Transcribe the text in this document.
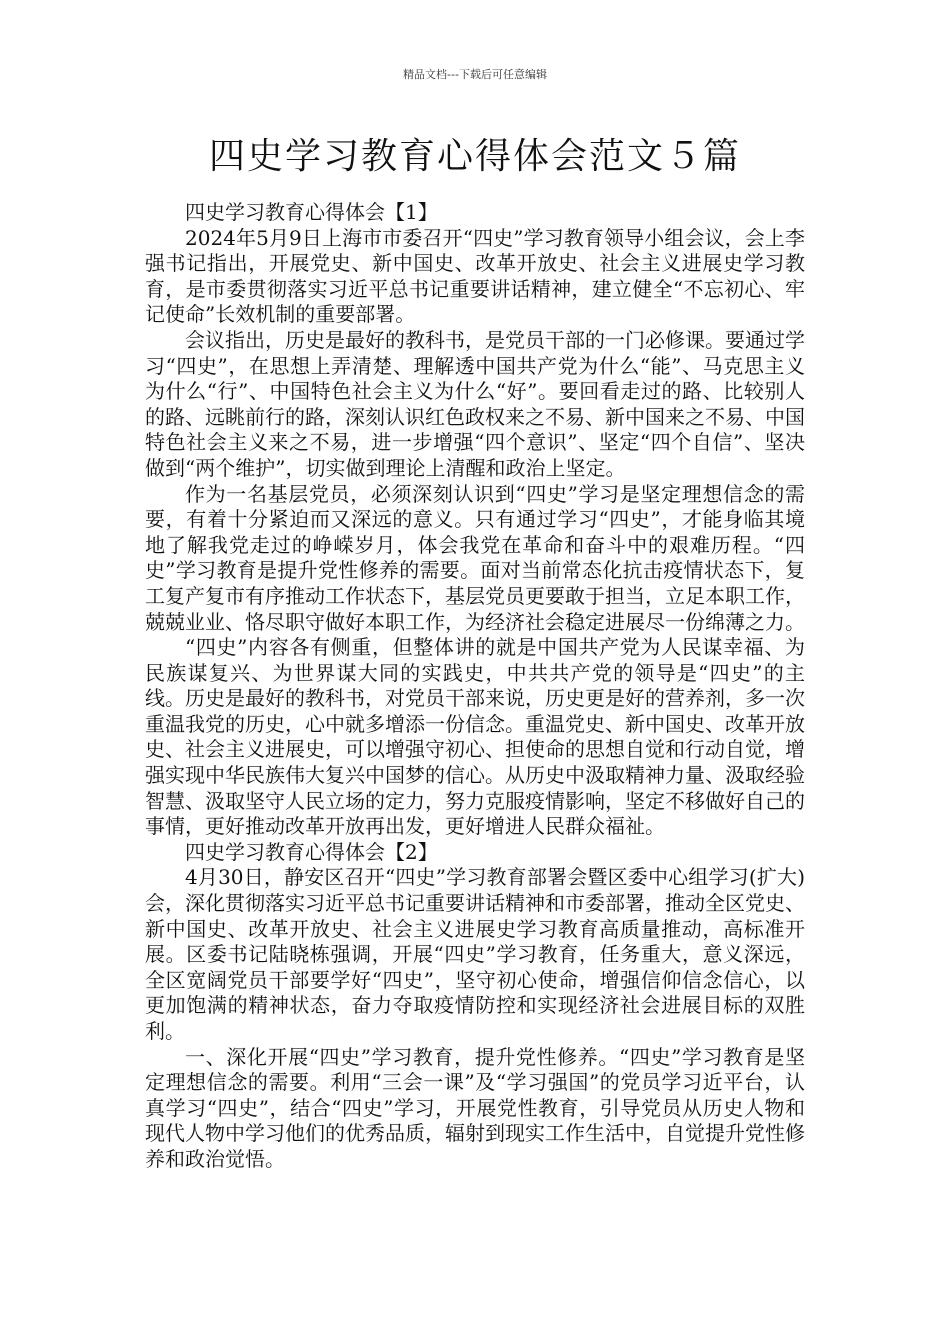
精品文档---下载后可任意编辑
四史学习教育心得体会范文５篇

四史学习教育心得体会【1】

2024年5月9日上海市市委召开“四史”学习教育领导小组会议，会上李强书记指出，开展党史、新中国史、改革开放史、社会主义进展史学习教育，是市委贯彻落实习近平总书记重要讲话精神，建立健全“不忘初心、牢记使命”长效机制的重要部署。

会议指出，历史是最好的教科书，是党员干部的一门必修课。要通过学习“四史”，在思想上弄清楚、理解透中国共产党为什么“能”、马克思主义为什么“行”、中国特色社会主义为什么“好”。要回看走过的路、比较别人的路、远眺前行的路，深刻认识红色政权来之不易、新中国来之不易、中国特色社会主义来之不易，进一步增强“四个意识”、坚定“四个自信”、坚决做到“两个维护”，切实做到理论上清醒和政治上坚定。

作为一名基层党员，必须深刻认识到“四史”学习是坚定理想信念的需要，有着十分紧迫而又深远的意义。只有通过学习“四史”，才能身临其境地了解我党走过的峥嵘岁月，体会我党在革命和奋斗中的艰难历程。“四史”学习教育是提升党性修养的需要。面对当前常态化抗击疫情状态下，复工复产复市有序推动工作状态下，基层党员更要敢于担当，立足本职工作，兢兢业业、恪尽职守做好本职工作，为经济社会稳定进展尽一份绵薄之力。

“四史”内容各有侧重，但整体讲的就是中国共产党为人民谋幸福、为民族谋复兴、为世界谋大同的实践史，中共共产党的领导是“四史”的主线。历史是最好的教科书，对党员干部来说，历史更是好的营养剂，多一次重温我党的历史，心中就多增添一份信念。重温党史、新中国史、改革开放史、社会主义进展史，可以增强守初心、担使命的思想自觉和行动自觉，增强实现中华民族伟大复兴中国梦的信心。从历史中汲取精神力量、汲取经验智慧、汲取坚守人民立场的定力，努力克服疫情影响，坚定不移做好自己的事情，更好推动改革开放再出发，更好增进人民群众福祉。

四史学习教育心得体会【2】

4月30日，静安区召开“四史”学习教育部署会暨区委中心组学习(扩大)会，深化贯彻落实习近平总书记重要讲话精神和市委部署，推动全区党史、新中国史、改革开放史、社会主义进展史学习教育高质量推动，高标准开展。区委书记陆晓栋强调，开展“四史”学习教育，任务重大，意义深远，全区宽阔党员干部要学好“四史”，坚守初心使命，增强信仰信念信心，以更加饱满的精神状态，奋力夺取疫情防控和实现经济社会进展目标的双胜利。

一、深化开展“四史”学习教育，提升党性修养。“四史”学习教育是坚定理想信念的需要。利用“三会一课”及“学习强国”的党员学习近平台，认真学习“四史”，结合“四史”学习，开展党性教育，引导党员从历史人物和现代人物中学习他们的优秀品质，辐射到现实工作生活中，自觉提升党性修养和政治觉悟。
